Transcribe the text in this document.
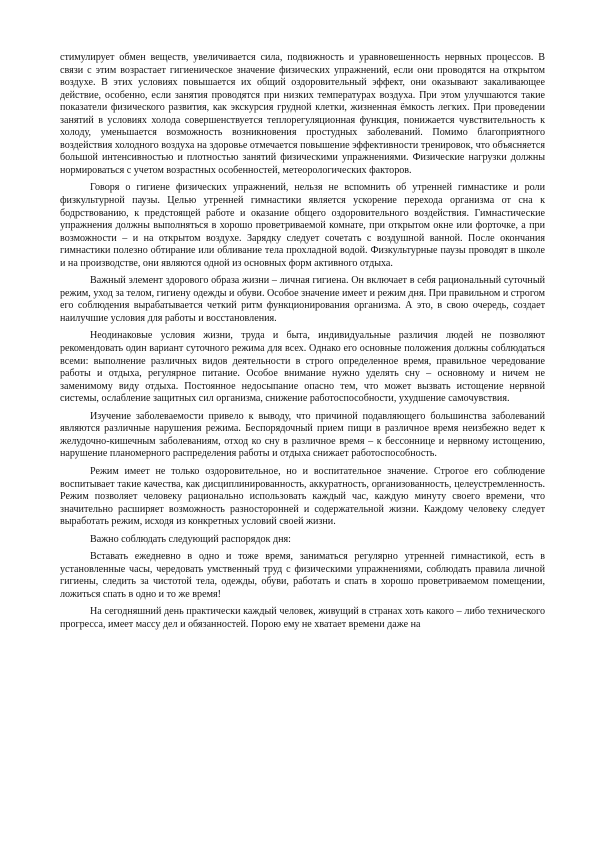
стимулирует обмен веществ, увеличивается сила, подвижность и уравновешенность нервных процессов. В связи с этим возрастает гигиеническое значение физических упражнений, если они проводятся на открытом воздухе. В этих условиях повышается их общий оздоровительный эффект, они оказывают закаливающее действие, особенно, если занятия проводятся при низких температурах воздуха. При этом улучшаются такие показатели физического развития, как экскурсия грудной клетки, жизненная ёмкость легких. При проведении занятий в условиях холода совершенствуется теплорегуляционная функция, понижается чувствительность к холоду, уменьшается возможность возникновения простудных заболеваний. Помимо благоприятного воздействия холодного воздуха на здоровье отмечается повышение эффективности тренировок, что объясняется большой интенсивностью и плотностью занятий физическими упражнениями. Физические нагрузки должны нормироваться с учетом возрастных особенностей, метеорологических факторов.

Говоря о гигиене физических упражнений, нельзя не вспомнить об утренней гимнастике и роли физкультурной паузы. Целью утренней гимнастики является ускорение перехода организма от сна к бодрствованию, к предстоящей работе и оказание общего оздоровительного воздействия. Гимнастические упражнения должны выполняться в хорошо проветриваемой комнате, при открытом окне или форточке, а при возможности – и на открытом воздухе. Зарядку следует сочетать с воздушной ванной. После окончания гимнастики полезно обтирание или обливание тела прохладной водой. Физкультурные паузы проводят в школе и на производстве, они являются одной из основных форм активного отдыха.

Важный элемент здорового образа жизни – личная гигиена. Он включает в себя рациональный суточный режим, уход за телом, гигиену одежды и обуви. Особое значение имеет и режим дня. При правильном и строгом его соблюдения вырабатывается четкий ритм функционирования организма. А это, в свою очередь, создает наилучшие условия для работы и восстановления.

Неодинаковые условия жизни, труда и быта, индивидуальные различия людей не позволяют рекомендовать один вариант суточного режима для всех. Однако его основные положения должны соблюдаться всеми: выполнение различных видов деятельности в строго определенное время, правильное чередование работы и отдыха, регулярное питание. Особое внимание нужно уделять сну – основному и ничем не заменимому виду отдыха. Постоянное недосыпание опасно тем, что может вызвать истощение нервной системы, ослабление защитных сил организма, снижение работоспособности, ухудшение самочувствия.

Изучение заболеваемости привело к выводу, что причиной подавляющего большинства заболеваний являются различные нарушения режима. Беспорядочный прием пищи в различное время неизбежно ведет к желудочно-кишечным заболеваниям, отход ко сну в различное время – к бессоннице и нервному истощению, нарушение планомерного распределения работы и отдыха снижает работоспособность.

Режим имеет не только оздоровительное, но и воспитательное значение. Строгое его соблюдение воспитывает такие качества, как дисциплинированность, аккуратность, организованность, целеустремленность. Режим позволяет человеку рационально использовать каждый час, каждую минуту своего времени, что значительно расширяет возможность разносторонней и содержательной жизни. Каждому человеку следует выработать режим, исходя из конкретных условий своей жизни.

Важно соблюдать следующий распорядок дня:

Вставать ежедневно в одно и тоже время, заниматься регулярно утренней гимнастикой, есть в установленные часы, чередовать умственный труд с физическими упражнениями, соблюдать правила личной гигиены, следить за чистотой тела, одежды, обуви, работать и спать в хорошо проветриваемом помещении, ложиться спать в одно и то же время!

На сегодняшний день практически каждый человек, живущий в странах хоть какого – либо технического прогресса, имеет массу дел и обязанностей. Порою ему не хватает времени даже на
